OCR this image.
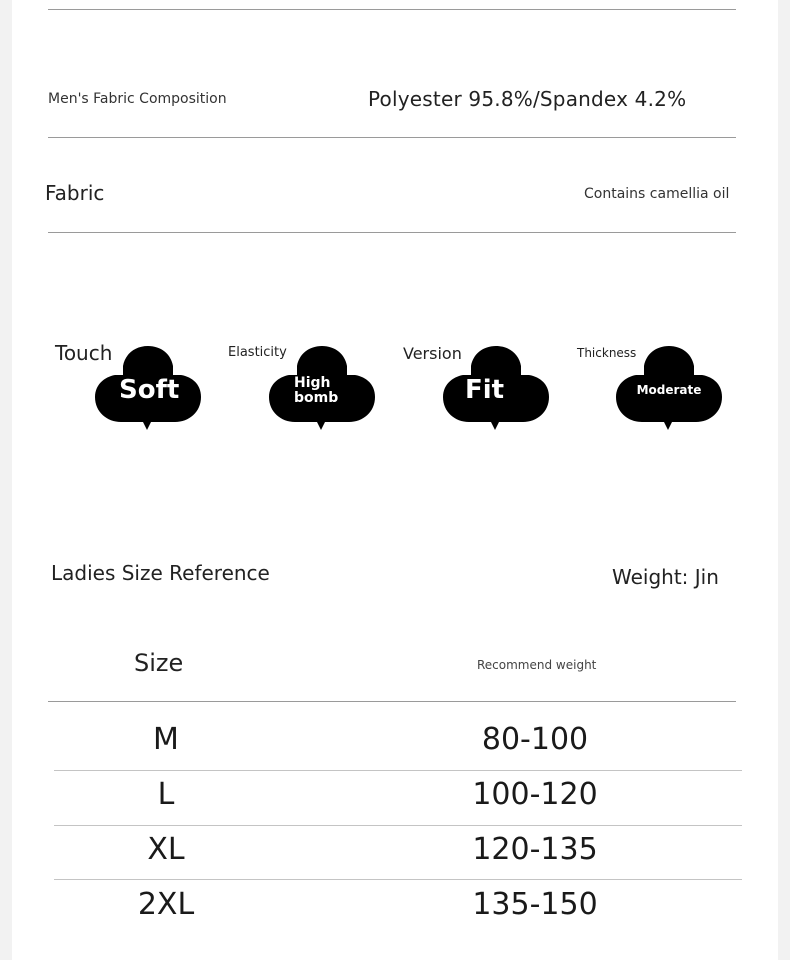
Men's Fabric Composition	Polyester 95.8%/Spandex 4.2%
Fabric	Contains camellia oil
Touch
Soft
Elasticity
High bomb
Version
Fit
Thickness
Moderate
Ladies Size Reference	Weight: Jin
Size	Recommend weight
M	80-100
L	100-120
XL	120-135
2XL	135-150
